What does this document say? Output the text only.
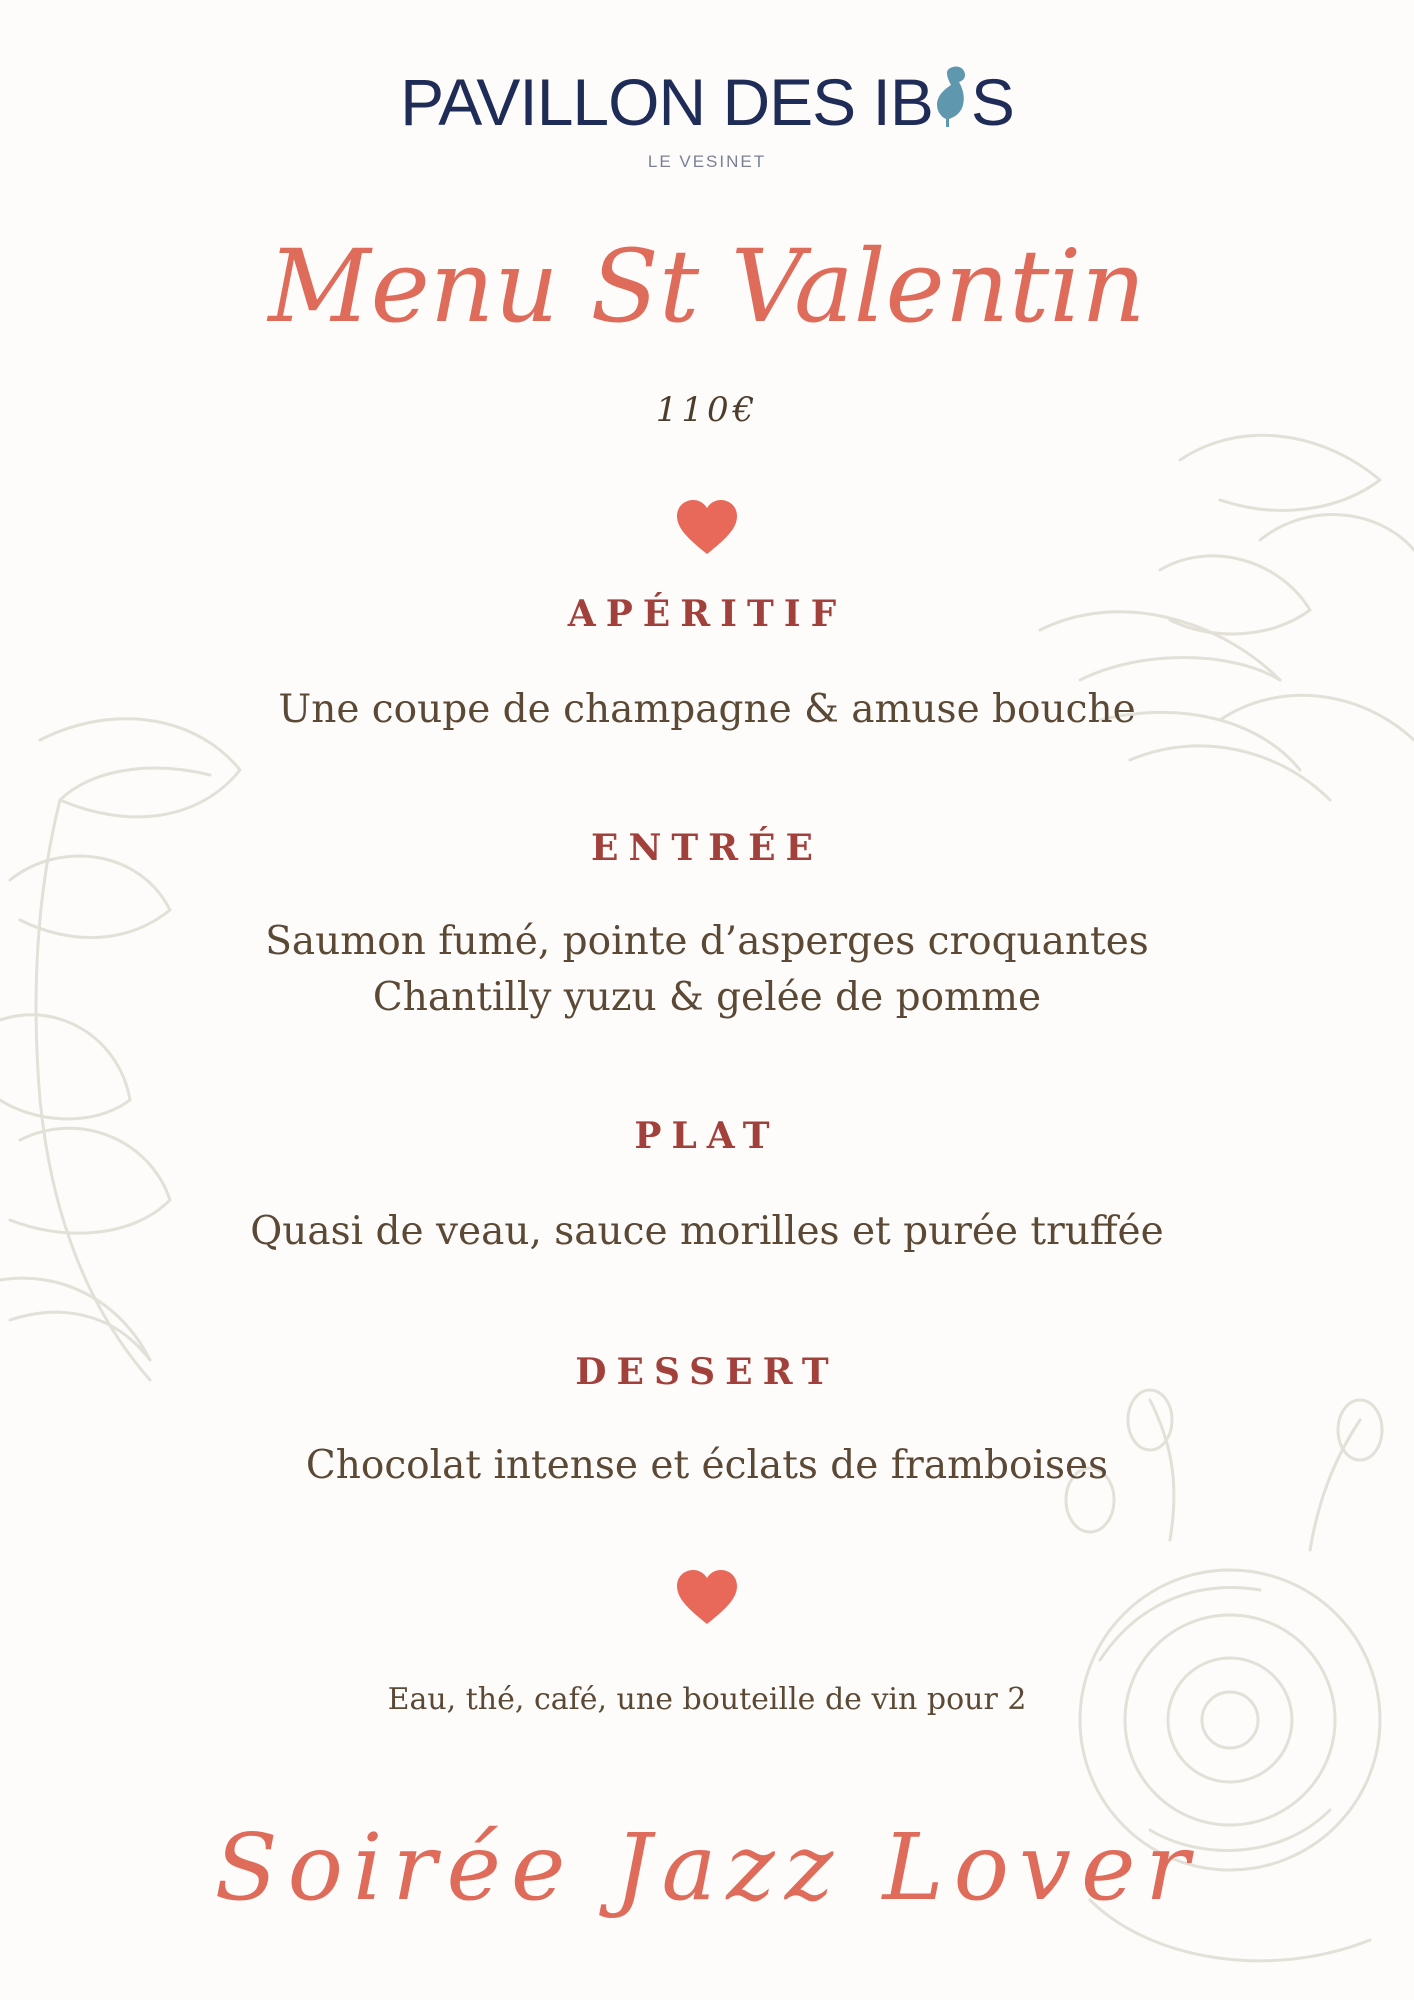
PAVILLON DES IB S
LE VESINET
Menu St Valentin
110€
APÉRITIF
Une coupe de champagne & amuse bouche
ENTRÉE
Saumon fumé, pointe d’asperges croquantes
Chantilly yuzu & gelée de pomme
PLAT
Quasi de veau, sauce morilles et purée truffée
DESSERT
Chocolat intense et éclats de framboises
Eau, thé, café, une bouteille de vin pour 2
Soirée Jazz Lover
